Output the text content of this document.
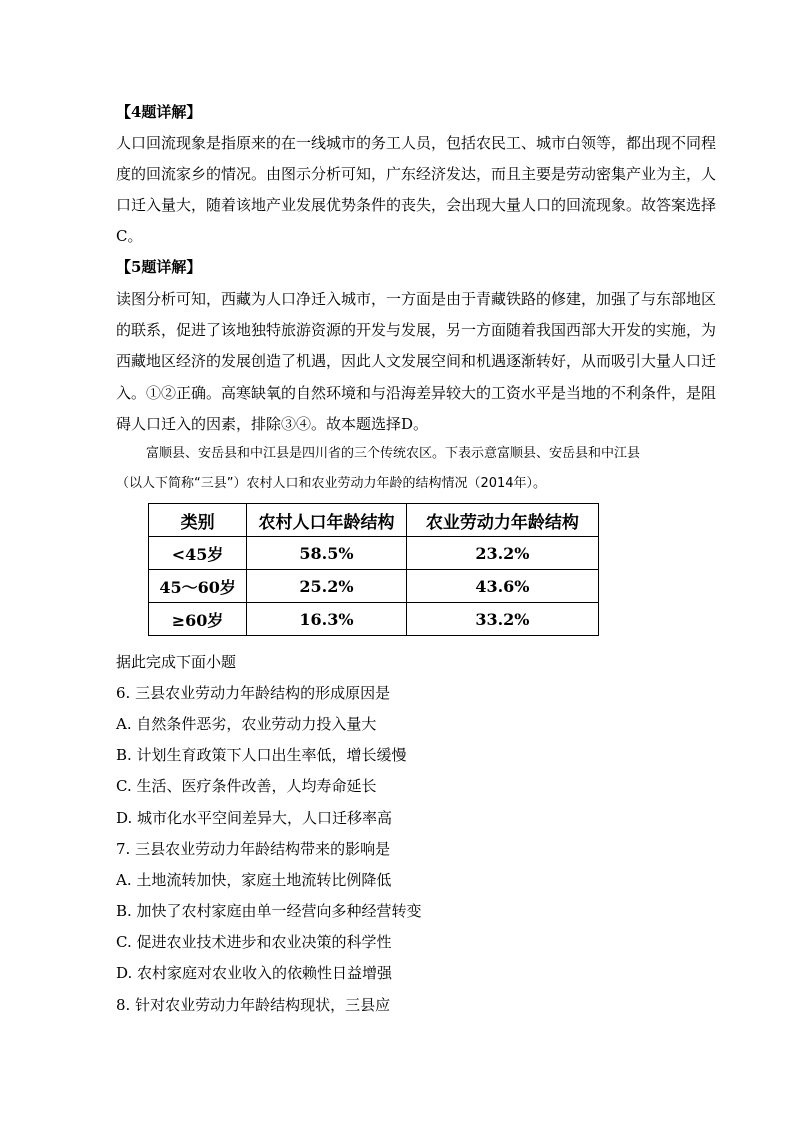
【4题详解】
人口回流现象是指原来的在一线城市的务工人员，包括农民工、城市白领等，都出现不同程
度的回流家乡的情况。由图示分析可知，广东经济发达，而且主要是劳动密集产业为主，人
口迁入量大，随着该地产业发展优势条件的丧失，会出现大量人口的回流现象。故答案选择
C。
【5题详解】
读图分析可知，西藏为人口净迁入城市，一方面是由于青藏铁路的修建，加强了与东部地区
的联系，促进了该地独特旅游资源的开发与发展，另一方面随着我国西部大开发的实施，为
西藏地区经济的发展创造了机遇，因此人文发展空间和机遇逐渐转好，从而吸引大量人口迁
入。①②正确。高寒缺氧的自然环境和与沿海差异较大的工资水平是当地的不利条件，是阻
碍人口迁入的因素，排除③④。故本题选择D。
富顺县、安岳县和中江县是四川省的三个传统农区。下表示意富顺县、安岳县和中江县
（以人下简称“三县”）农村人口和农业劳动力年龄的结构情况（2014年）。
类别	农村人口年龄结构	农业劳动力年龄结构
<45岁	58.5%	23.2%
45～60岁	25.2%	43.6%
≥60岁	16.3%	33.2%
据此完成下面小题
6. 三县农业劳动力年龄结构的形成原因是
A. 自然条件恶劣，农业劳动力投入量大
B. 计划生育政策下人口出生率低，增长缓慢
C. 生活、医疗条件改善，人均寿命延长
D. 城市化水平空间差异大，人口迁移率高
7. 三县农业劳动力年龄结构带来的影响是
A. 土地流转加快，家庭土地流转比例降低
B. 加快了农村家庭由单一经营向多种经营转变
C. 促进农业技术进步和农业决策的科学性
D. 农村家庭对农业收入的依赖性日益增强
8. 针对农业劳动力年龄结构现状，三县应
